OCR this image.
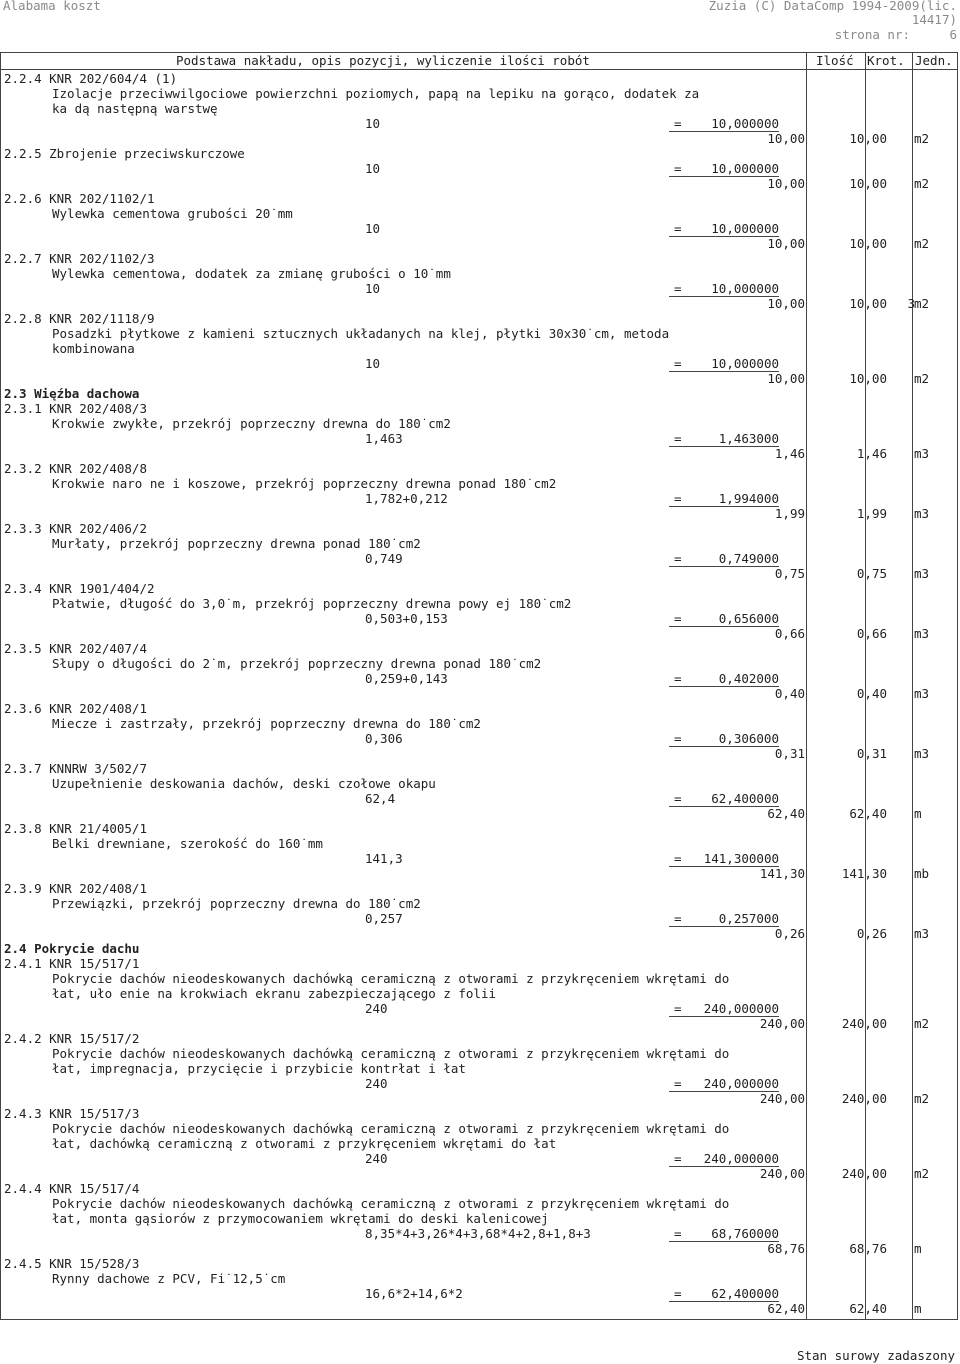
Alabama koszt	Zuzia (C) DataComp 1994-2009(lic.
14417)
strona nr:	6
Podstawa nakładu, opis pozycji, wyliczenie ilości robót	Ilość Krot. Jedn.
2.2.4 KNR 202/604/4 (1)
Izolacje przeciwwilgociowe powierzchni poziomych, papą na lepiku na gorąco, dodatek za
ka dą następną warstwę
10	=	10,000000
10,00	10,00 m2
2.2.5 Zbrojenie przeciwskurczowe
10	=	10,000000
10,00	10,00 m2
2.2.6 KNR 202/1102/1
Wylewka cementowa grubości 20˙mm
10	=	10,000000
10,00	10,00 m2
2.2.7 KNR 202/1102/3
Wylewka cementowa, dodatek za zmianę grubości o 10˙mm
10	=	10,000000
10,00	10,00	3 m2
2.2.8 KNR 202/1118/9
Posadzki płytkowe z kamieni sztucznych układanych na klej, płytki 30x30˙cm, metoda
kombinowana
10	=	10,000000
10,00	10,00 m2
2.3 Więźba dachowa
2.3.1 KNR 202/408/3
Krokwie zwykłe, przekrój poprzeczny drewna do 180˙cm2
1,463	=	1,463000
1,46	1,46 m3
2.3.2 KNR 202/408/8
Krokwie naro ne i koszowe, przekrój poprzeczny drewna ponad 180˙cm2
1,782+0,212	=	1,994000
1,99	1,99 m3
2.3.3 KNR 202/406/2
Murłaty, przekrój poprzeczny drewna ponad 180˙cm2
0,749	=	0,749000
0,75	0,75 m3
2.3.4 KNR 1901/404/2
Płatwie, długość do 3,0˙m, przekrój poprzeczny drewna powy ej 180˙cm2
0,503+0,153	=	0,656000
0,66	0,66 m3
2.3.5 KNR 202/407/4
Słupy o długości do 2˙m, przekrój poprzeczny drewna ponad 180˙cm2
0,259+0,143	=	0,402000
0,40	0,40 m3
2.3.6 KNR 202/408/1
Miecze i zastrzały, przekrój poprzeczny drewna do 180˙cm2
0,306	=	0,306000
0,31	0,31 m3
2.3.7 KNNRW 3/502/7
Uzupełnienie deskowania dachów, deski czołowe okapu
62,4	=	62,400000
62,40	62,40 m
2.3.8 KNR 21/4005/1
Belki drewniane, szerokość do 160˙mm
141,3	=	141,300000
141,30	141,30 mb
2.3.9 KNR 202/408/1
Przewiązki, przekrój poprzeczny drewna do 180˙cm2
0,257	=	0,257000
0,26	0,26 m3
2.4 Pokrycie dachu
2.4.1 KNR 15/517/1
Pokrycie dachów nieodeskowanych dachówką ceramiczną z otworami z przykręceniem wkrętami do
łat, uło enie na krokwiach ekranu zabezpieczającego z folii
240	=	240,000000
240,00	240,00 m2
2.4.2 KNR 15/517/2
Pokrycie dachów nieodeskowanych dachówką ceramiczną z otworami z przykręceniem wkrętami do
łat, impregnacja, przycięcie i przybicie kontrłat i łat
240	=	240,000000
240,00	240,00 m2
2.4.3 KNR 15/517/3
Pokrycie dachów nieodeskowanych dachówką ceramiczną z otworami z przykręceniem wkrętami do
łat, dachówką ceramiczną z otworami z przykręceniem wkrętami do łat
240	=	240,000000
240,00	240,00 m2
2.4.4 KNR 15/517/4
Pokrycie dachów nieodeskowanych dachówką ceramiczną z otworami z przykręceniem wkrętami do
łat, monta gąsiorów z przymocowaniem wkrętami do deski kalenicowej
8,35*4+3,26*4+3,68*4+2,8+1,8+3	=	68,760000
68,76	68,76 m
2.4.5 KNR 15/528/3
Rynny dachowe z PCV, Fi˙12,5˙cm
16,6*2+14,6*2	=	62,400000
62,40	62,40 m
Stan surowy zadaszony
